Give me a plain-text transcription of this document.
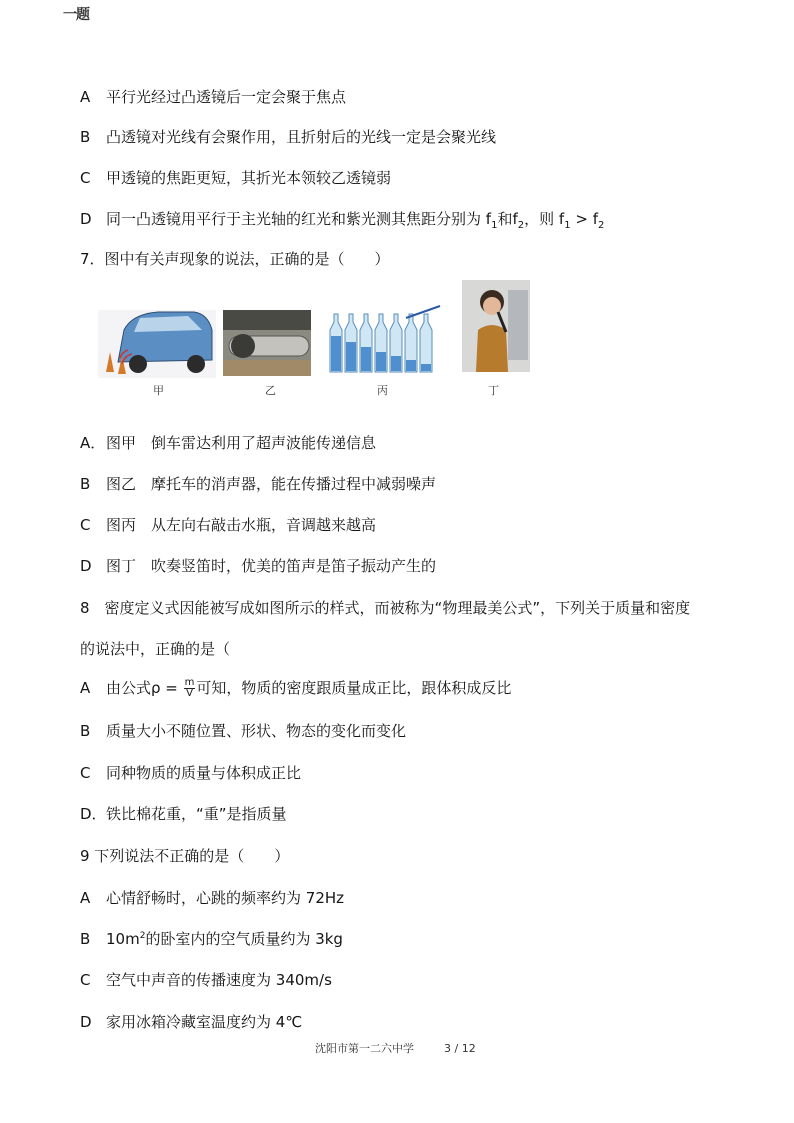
一题
A 平行光经过凸透镜后一定会聚于焦点
B 凸透镜对光线有会聚作用，且折射后的光线一定是会聚光线
C 甲透镜的焦距更短，其折光本领较乙透镜弱
D 同一凸透镜用平行于主光轴的红光和紫光测其焦距分别为 $f_1$和$f_2$，则 $f_1 > f_2$
7．图中有关声现象的说法，正确的是（　　）
甲	乙	丙	丁
A．图甲　倒车雷达利用了超声波能传递信息
B 图乙　摩托车的消声器，能在传播过程中减弱噪声
C 图丙　从左向右敲击水瓶，音调越来越高
D 图丁　吹奏竖笛时，优美的笛声是笛子振动产生的
8　密度定义式因能被写成如图所示的样式，而被称为“物理最美公式”，下列关于质量和密度
的说法中，正确的是（
A 由公式$\rho = \frac{m}{V}$ 可知，物质的密度跟质量成正比，跟体积成反比
B 质量大小不随位置、形状、物态的变化而变化
C 同种物质的质量与体积成正比
D．铁比棉花重，“重”是指质量
9 下列说法不正确的是（　　）
A 心情舒畅时，心跳的频率约为 72Hz
B $10m^2$的卧室内的空气质量约为 3kg
C 空气中声音的传播速度为 340m/s
D 家用冰箱冷藏室温度约为 4℃
沈阳市第一二六中学	3 / 12
